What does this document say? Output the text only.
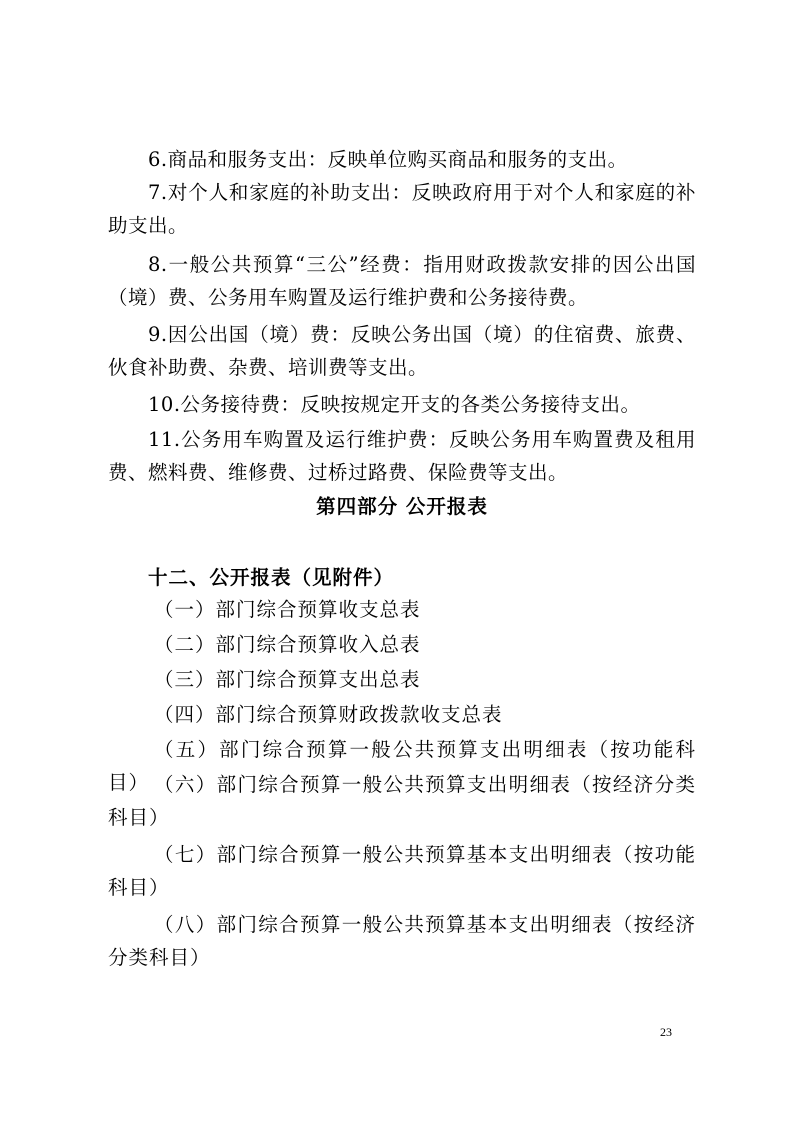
6.商品和服务支出：反映单位购买商品和服务的支出。

7.对个人和家庭的补助支出：反映政府用于对个人和家庭的补助支出。

8.一般公共预算“三公”经费：指用财政拨款安排的因公出国（境）费、公务用车购置及运行维护费和公务接待费。

9.因公出国（境）费：反映公务出国（境）的住宿费、旅费、伙食补助费、杂费、培训费等支出。

10.公务接待费：反映按规定开支的各类公务接待支出。

11.公务用车购置及运行维护费：反映公务用车购置费及租用费、燃料费、维修费、过桥过路费、保险费等支出。

第四部分 公开报表
十二、公开报表（见附件）

（一）部门综合预算收支总表

（二）部门综合预算收入总表

（三）部门综合预算支出总表

（四）部门综合预算财政拨款收支总表

（五）部门综合预算一般公共预算支出明细表（按功能科目） （六）部门综合预算一般公共预算支出明细表（按经济分类科目）

（七）部门综合预算一般公共预算基本支出明细表（按功能科目）

（八）部门综合预算一般公共预算基本支出明细表（按经济分类科目）

23
